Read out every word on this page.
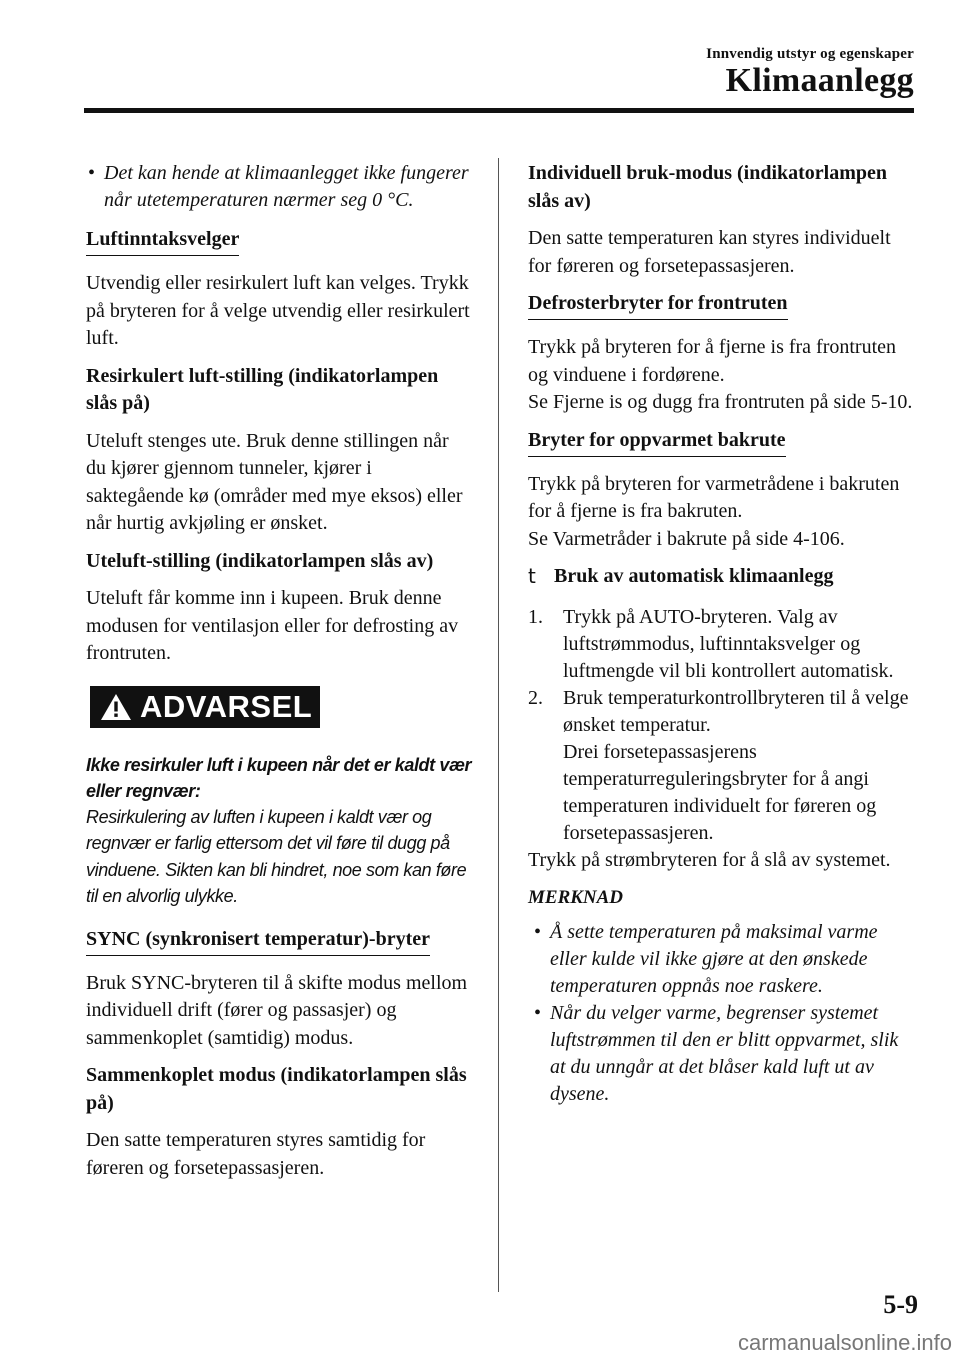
Innvendig utstyr og egenskaper
Klimaanlegg

• Det kan hende at klimaanlegget ikke fungerer når utetemperaturen nærmer seg 0 °C.

Luftinntaksvelger

Utvendig eller resirkulert luft kan velges. Trykk på bryteren for å velge utvendig eller resirkulert luft.

Resirkulert luft-stilling (indikatorlampen slås på)

Uteluft stenges ute. Bruk denne stillingen når du kjører gjennom tunneler, kjører i saktegående kø (områder med mye eksos) eller når hurtig avkjøling er ønsket.

Uteluft-stilling (indikatorlampen slås av)

Uteluft får komme inn i kupeen. Bruk denne modusen for ventilasjon eller for defrosting av frontruten.

ADVARSEL

Ikke resirkuler luft i kupeen når det er kaldt vær eller regnvær:

Resirkulering av luften i kupeen i kaldt vær og regnvær er farlig ettersom det vil føre til dugg på vinduene. Sikten kan bli hindret, noe som kan føre til en alvorlig ulykke.

SYNC (synkronisert temperatur)-bryter

Bruk SYNC-bryteren til å skifte modus mellom individuell drift (fører og passasjer) og sammenkoplet (samtidig) modus.

Sammenkoplet modus (indikatorlampen slås på)

Den satte temperaturen styres samtidig for føreren og forsetepassasjeren.

Individuell bruk-modus (indikatorlampen slås av)

Den satte temperaturen kan styres individuelt for føreren og forsetepassasjeren.

Defrosterbryter for frontruten

Trykk på bryteren for å fjerne is fra frontruten og vinduene i fordørene.

Se Fjerne is og dugg fra frontruten på side 5-10.

Bryter for oppvarmet bakrute

Trykk på bryteren for varmetrådene i bakruten for å fjerne is fra bakruten.

Se Varmetråder i bakrute på side 4-106.

t Bruk av automatisk klimaanlegg
1. Trykk på AUTO-bryteren. Valg av luftstrømmodus, luftinntaksvelger og luftmengde vil bli kontrollert automatisk.
2. Bruk temperaturkontrollbryteren til å velge ønsket temperatur.
Drei forsetepassasjerens temperaturreguleringsbryter for å angi temperaturen individuelt for føreren og forsetepassasjeren.

Trykk på strømbryteren for å slå av systemet.

MERKNAD

• Å sette temperaturen på maksimal varme eller kulde vil ikke gjøre at den ønskede temperaturen oppnås noe raskere.

• Når du velger varme, begrenser systemet luftstrømmen til den er blitt oppvarmet, slik at du unngår at det blåser kald luft ut av dysene.

5-9
carmanualsonline.info
